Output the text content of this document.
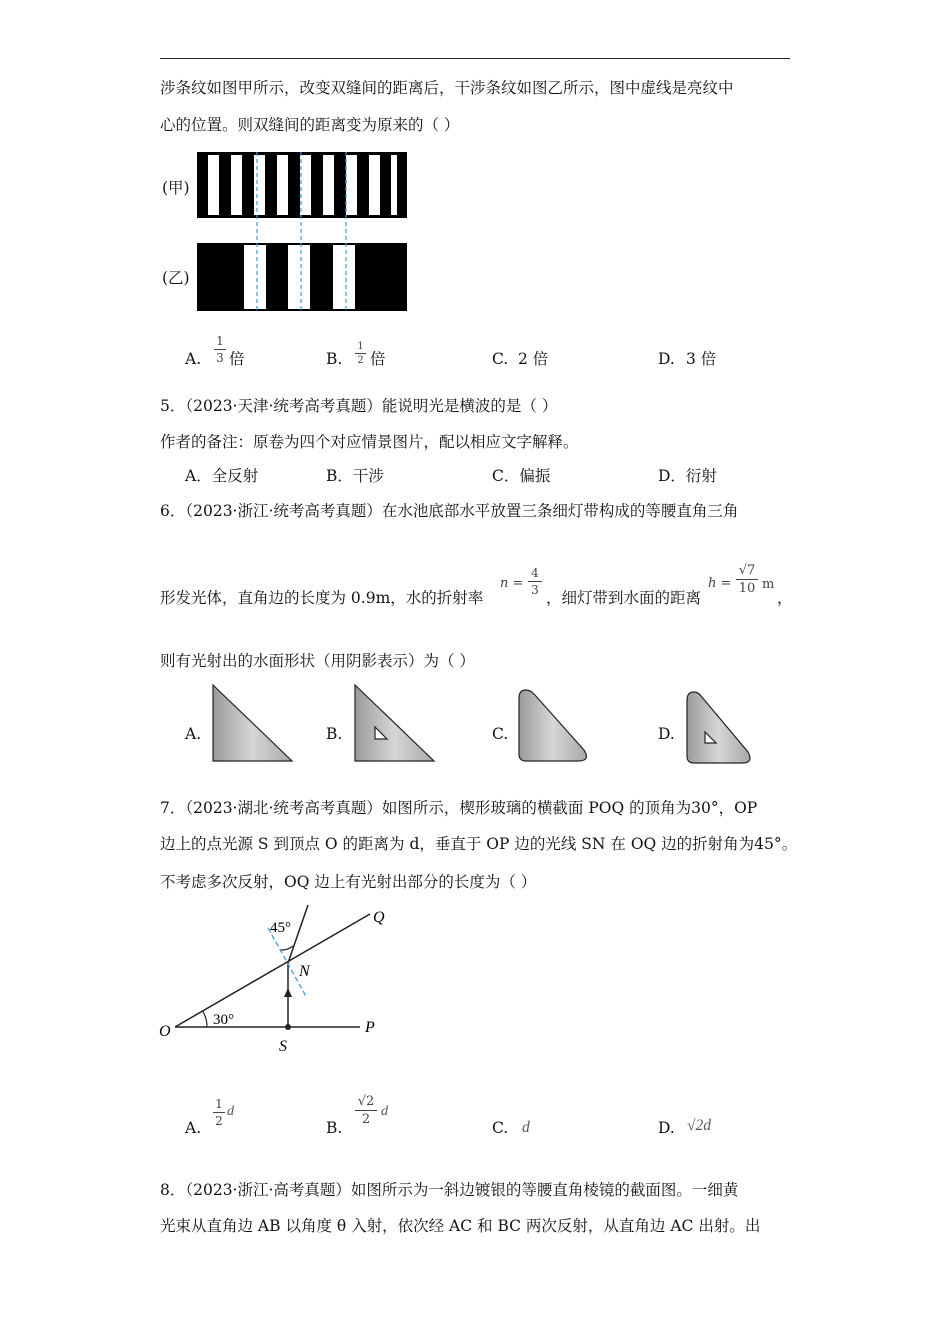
涉条纹如图甲所示，改变双缝间的距离后，干涉条纹如图乙所示，图中虚线是亮纹中
心的位置。则双缝间的距离变为原来的（ ）
(甲)
(乙)
A.
1
3 倍	B.
1
2 倍	C. 2 倍	D. 3 倍
5．（2023·天津·统考高考真题）能说明光是横波的是（ ）
作者的备注：原卷为四个对应情景图片，配以相应文字解释。
A．全反射	B．干涉	C．偏振	D．衍射
6．（2023·浙江·统考高考真题）在水池底部水平放置三条细灯带构成的等腰直角三角
形发光体，直角边的长度为 0.9m，水的折射率
n =
4
3 ，细灯带到水面的距离
h =
√7
10 m
，
则有光射出的水面形状（用阴影表示）为（ ）
A.	B.	C.	D.
7．（2023·湖北·统考高考真题）如图所示，楔形玻璃的横截面 POQ 的顶角为30°，OP
边上的点光源 S 到顶点 O 的距离为 d，垂直于 OP 边的光线 SN 在 OQ 边的折射角为45°。
不考虑多次反射，OQ 边上有光射出部分的长度为（ ）
45°
30°
O	P
Q
S
N
A.
1
2
d
B.
√2
2
d
C. d	D. √2d
8．（2023·浙江·高考真题）如图所示为一斜边镀银的等腰直角棱镜的截面图。一细黄
光束从直角边 AB 以角度 θ 入射，依次经 AC 和 BC 两次反射，从直角边 AC 出射。出
